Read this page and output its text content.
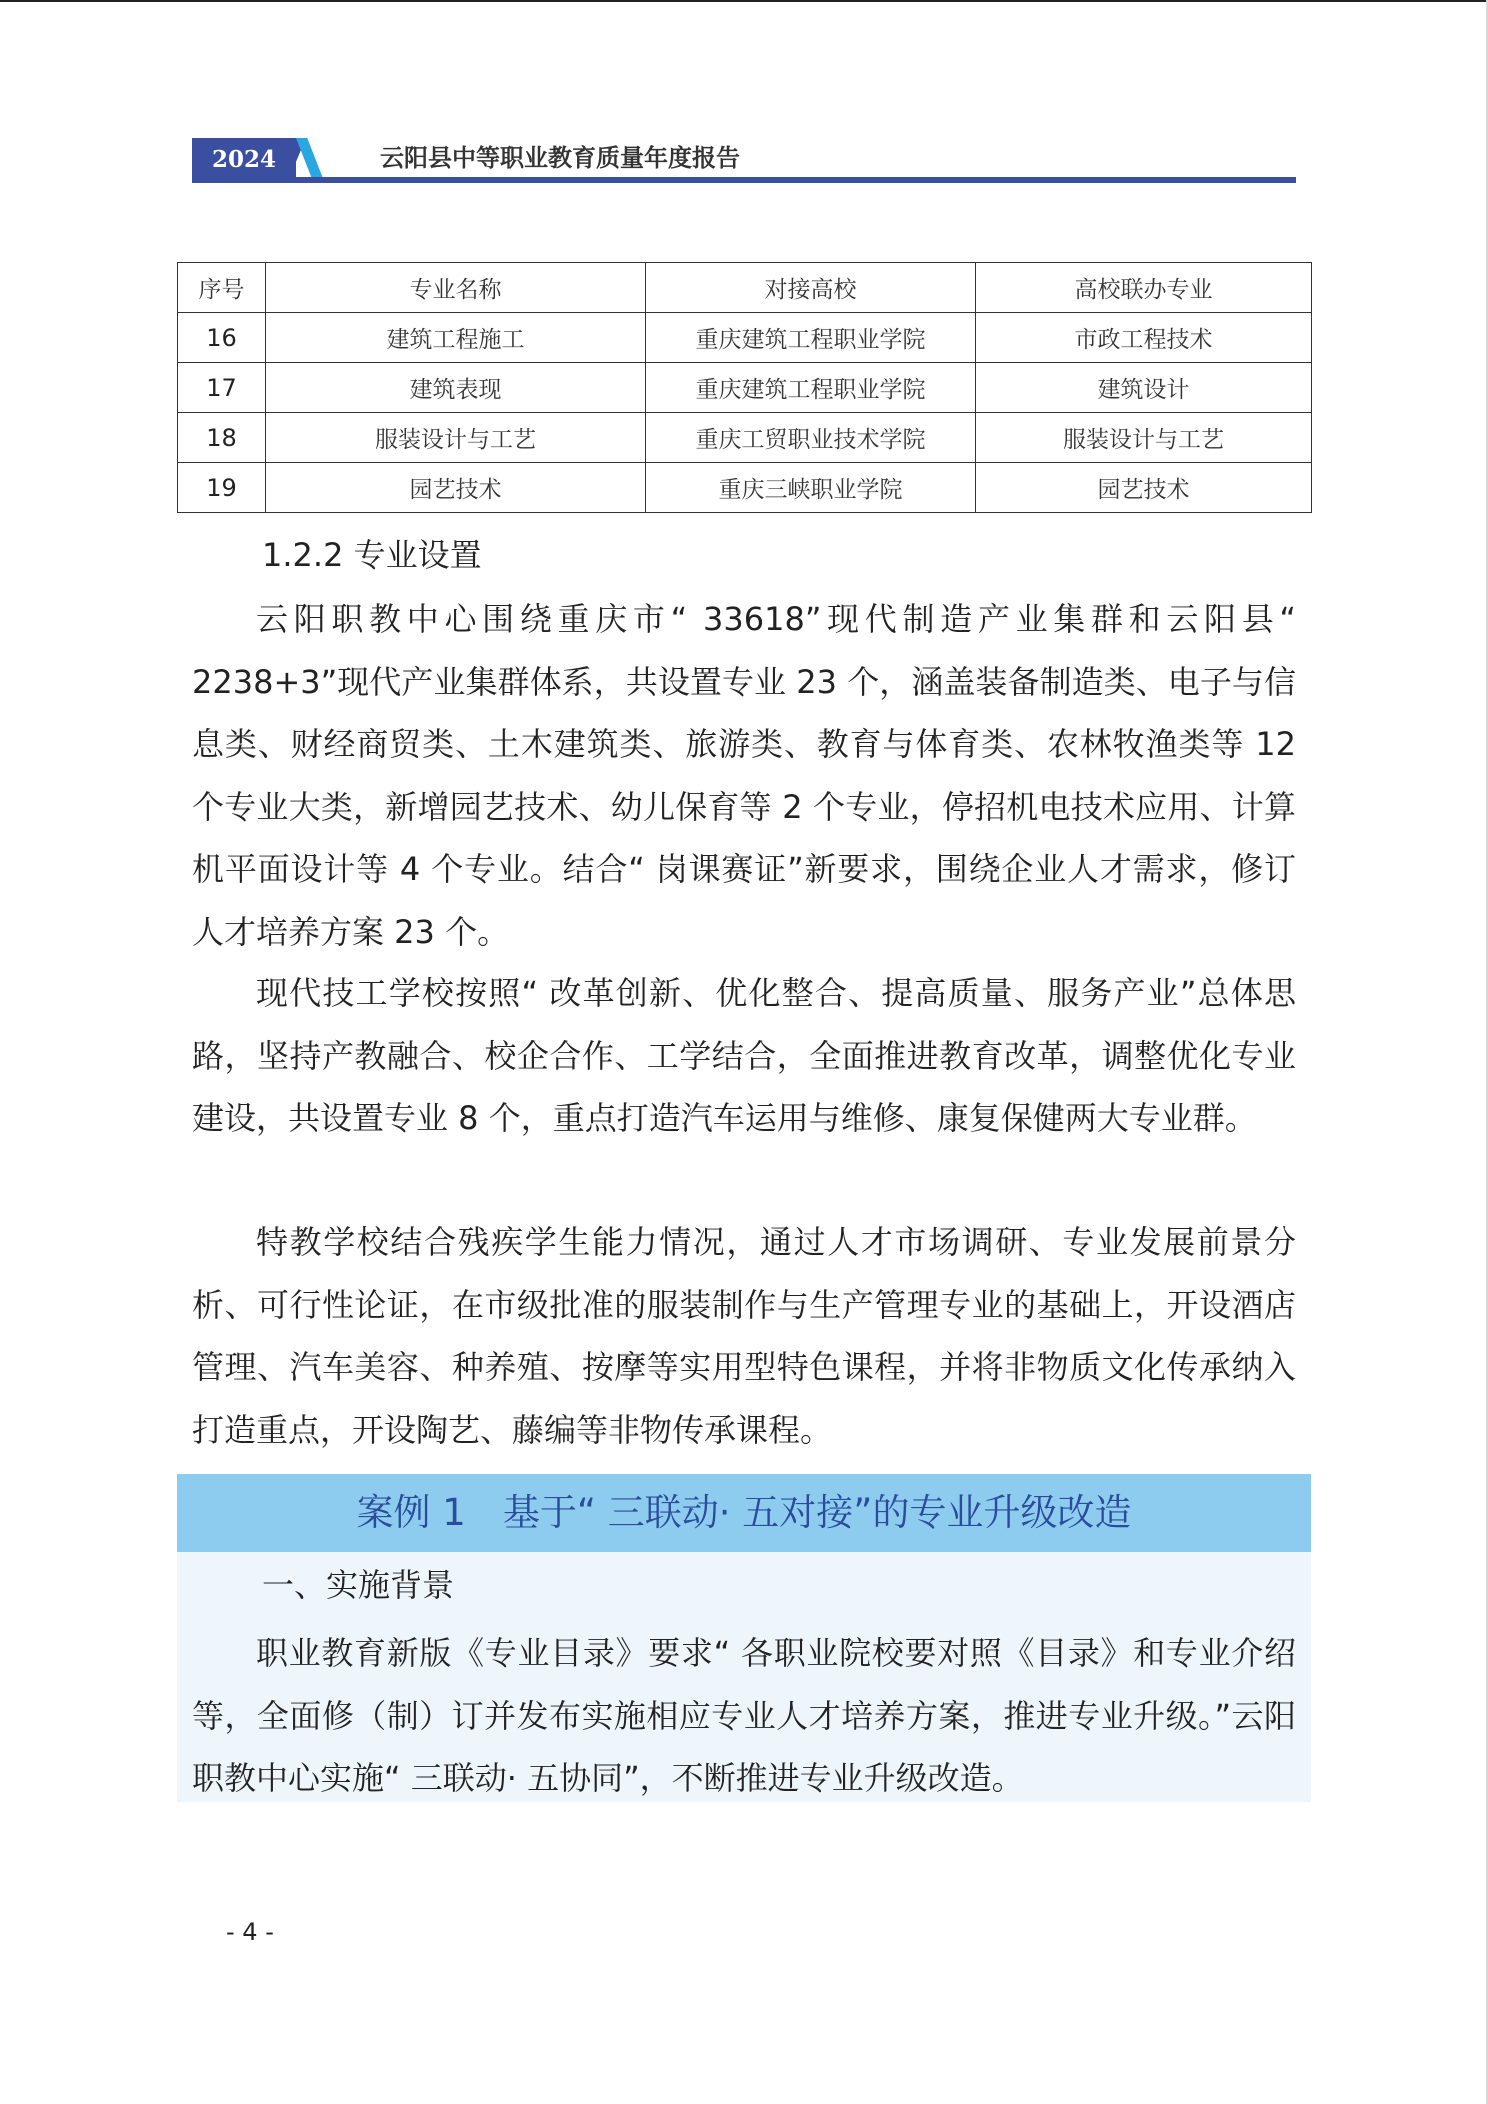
2024	云阳县中等职业教育质量年度报告
序号	专业名称	对接高校	高校联办专业
16	建筑工程施工	重庆建筑工程职业学院	市政工程技术
17	建筑表现	重庆建筑工程职业学院	建筑设计
18	服装设计与工艺	重庆工贸职业技术学院	服装设计与工艺
19	园艺技术	重庆三峡职业学院	园艺技术
1.2.2 专业设置

云阳职教中心围绕重庆市“ 33618”现代制造产业集群和云阳县“ 2238+3”现代产业集群体系，共设置专业 23 个，涵盖装备制造类、电子与信息类、财经商贸类、土木建筑类、旅游类、教育与体育类、农林牧渔类等 12 个专业大类，新增园艺技术、幼儿保育等 2 个专业，停招机电技术应用、计算机平面设计等 4 个专业。结合“ 岗课赛证”新要求，围绕企业人才需求，修订人才培养方案 23 个。

现代技工学校按照“ 改革创新、优化整合、提高质量、服务产业”总体思路，坚持产教融合、校企合作、工学结合，全面推进教育改革，调整优化专业建设，共设置专业 8 个，重点打造汽车运用与维修、康复保健两大专业群。

特教学校结合残疾学生能力情况，通过人才市场调研、专业发展前景分析、可行性论证，在市级批准的服装制作与生产管理专业的基础上，开设酒店管理、汽车美容、种养殖、按摩等实用型特色课程，并将非物质文化传承纳入打造重点，开设陶艺、藤编等非物传承课程。

案例 1　基于“ 三联动· 五对接”的专业升级改造
一、实施背景

职业教育新版《专业目录》要求“ 各职业院校要对照《目录》和专业介绍等，全面修（制）订并发布实施相应专业人才培养方案，推进专业升级。”云阳职教中心实施“ 三联动· 五协同”，不断推进专业升级改造。

- 4 -
